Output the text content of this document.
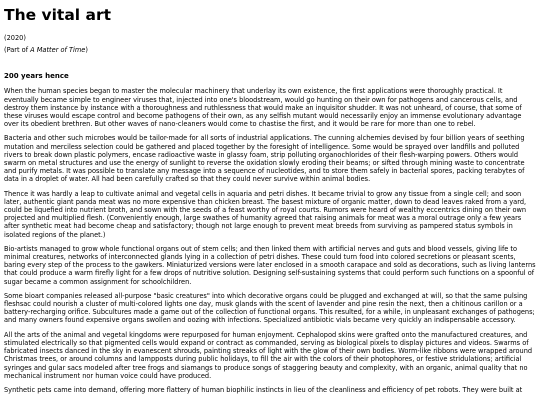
The vital art

(2020)

(Part of A Matter of Time)

200 years hence

When the human species began to master the molecular machinery that underlay its own existence, the first applications were thoroughly practical. It eventually became simple to engineer viruses that, injected into one's bloodstream, would go hunting on their own for pathogens and cancerous cells, and destroy them instance by instance with a thoroughness and ruthlessness that would make an inquisitor shudder. It was not unheard, of course, that some of these viruses would escape control and become pathogens of their own, as any selfish mutant would necessarily enjoy an immense evolutionary advantage over its obedient brethren. But other waves of nano-cleaners would come to chastise the first, and it would be rare for more than one to rebel.

Bacteria and other such microbes would be tailor-made for all sorts of industrial applications. The cunning alchemies devised by four billion years of seething mutation and merciless selection could be gathered and placed together by the foresight of intelligence. Some would be sprayed over landfills and polluted rivers to break down plastic polymers, encase radioactive waste in glassy foam, strip polluting organochlorides of their flesh-warping powers. Others would swarm on metal structures and use the energy of sunlight to reverse the oxidation slowly eroding their beams; or sifted through mining waste to concentrate and purify metals. It was possible to translate any message into a sequence of nucleotides, and to store them safely in bacterial spores, packing terabytes of data in a droplet of water. All had been carefully crafted so that they could never survive within animal bodies.

Thence it was hardly a leap to cultivate animal and vegetal cells in aquaria and petri dishes. It became trivial to grow any tissue from a single cell; and soon later, authentic giant panda meat was no more expensive than chicken breast. The basest mixture of organic matter, down to dead leaves raked from a yard, could be liquefied into nutrient broth, and sown with the seeds of a feast worthy of royal courts. Rumors were heard of wealthy eccentrics dining on their own projected and multiplied flesh. (Conveniently enough, large swathes of humanity agreed that raising animals for meat was a moral outrage only a few years after synthetic meat had become cheap and satisfactory; though not large enough to prevent meat breeds from surviving as pampered status symbols in isolated regions of the planet.)

Bio-artists managed to grow whole functional organs out of stem cells; and then linked them with artificial nerves and guts and blood vessels, giving life to minimal creatures, networks of interconnected glands lying in a collection of petri dishes. These could turn food into colored secretions or pleasant scents, baring every step of the process to the gawkers. Miniaturized versions were later enclosed in a smooth carapace and sold as decorations, such as living lanterns that could produce a warm firefly light for a few drops of nutritive solution. Designing self-sustaining systems that could perform such functions on a spoonful of sugar became a common assignment for schoolchildren.

Some bioart companies released all-purpose "basic creatures" into which decorative organs could be plugged and exchanged at will, so that the same pulsing fleshsac could nourish a cluster of multi-colored lights one day, musk glands with the scent of lavender and pine resin the next, then a chitinous carillon or a battery-recharging orifice. Subcultures made a game out of the collection of functional organs. This resulted, for a while, in unpleasant exchanges of pathogens; and many owners found expensive organs swollen and oozing with infections. Specialized antibiotic vials became very quickly an indispensable accessory.

All the arts of the animal and vegetal kingdoms were repurposed for human enjoyment. Cephalopod skins were grafted onto the manufactured creatures, and stimulated electrically so that pigmented cells would expand or contract as commanded, serving as biological pixels to display pictures and videos. Swarms of fabricated insects danced in the sky in evanescent shrouds, painting streaks of light with the glow of their own bodies. Worm-like ribbons were wrapped around Christmas trees, or around columns and lampposts during public holidays, to fill the air with the colors of their photophores, or festive stridulations; artificial syringes and gular sacs modeled after tree frogs and siamangs to produce songs of staggering beauty and complexity, with an organic, animal quality that no mechanical instrument nor human voice could have produced.

Synthetic pets came into demand, offering more flattery of human biophilic instincts in lieu of the cleanliness and efficiency of pet robots. They were built at
